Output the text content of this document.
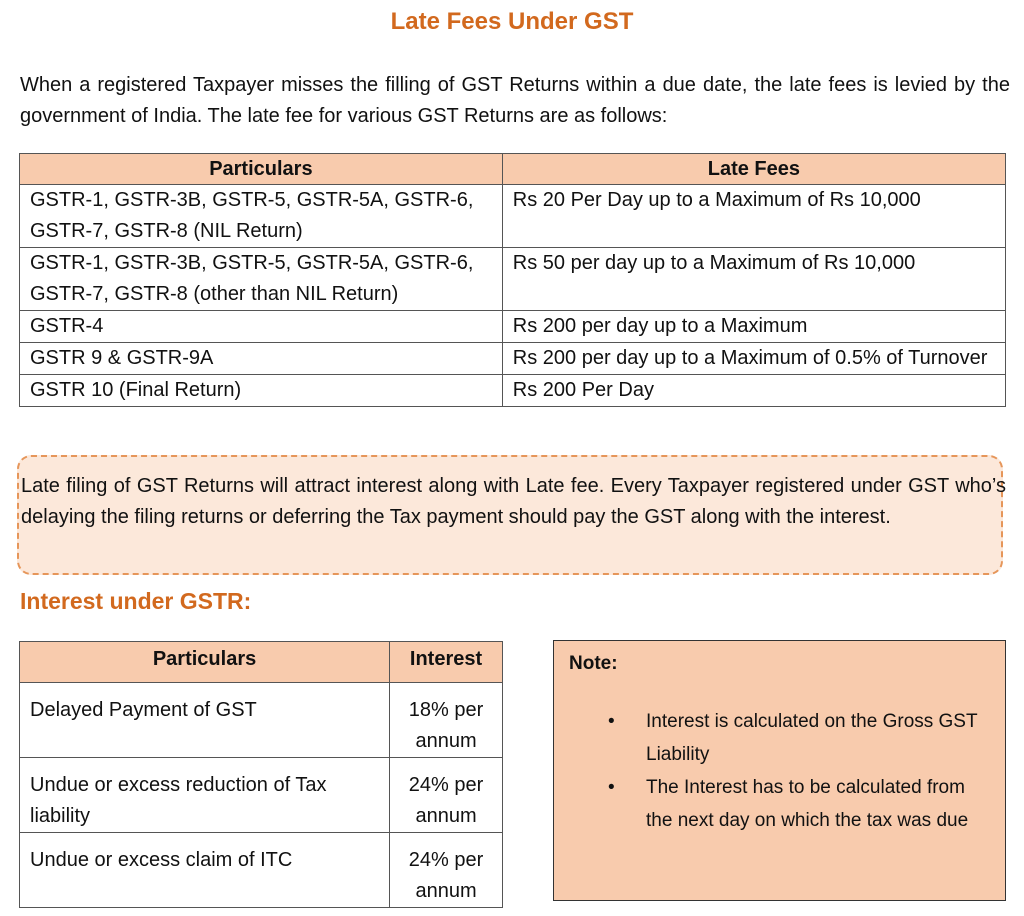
Late Fees Under GST
When a registered Taxpayer misses the filling of GST Returns within a due date, the late fees is levied by the government of India. The late fee for various GST Returns are as follows:
Particulars	Late Fees
GSTR-1, GSTR-3B, GSTR-5, GSTR-5A, GSTR-6, GSTR-7, GSTR-8 (NIL Return)	Rs 20 Per Day up to a Maximum of Rs 10,000
GSTR-1, GSTR-3B, GSTR-5, GSTR-5A, GSTR-6, GSTR-7, GSTR-8 (other than NIL Return)	Rs 50 per day up to a Maximum of Rs 10,000
GSTR-4	Rs 200 per day up to a Maximum
GSTR 9 & GSTR-9A	Rs 200 per day up to a Maximum of 0.5% of Turnover
GSTR 10 (Final Return)	Rs 200 Per Day
Late filing of GST Returns will attract interest along with Late fee. Every Taxpayer registered under GST who’s delaying the filing returns or deferring the Tax payment should pay the GST along with the interest.
Interest under GSTR:
Particulars	Interest
Delayed Payment of GST	18% per annum
Undue or excess reduction of Tax liability	24% per annum
Undue or excess claim of ITC	24% per annum
Note:
• Interest is calculated on the Gross GST Liability
• The Interest has to be calculated from the next day on which the tax was due
